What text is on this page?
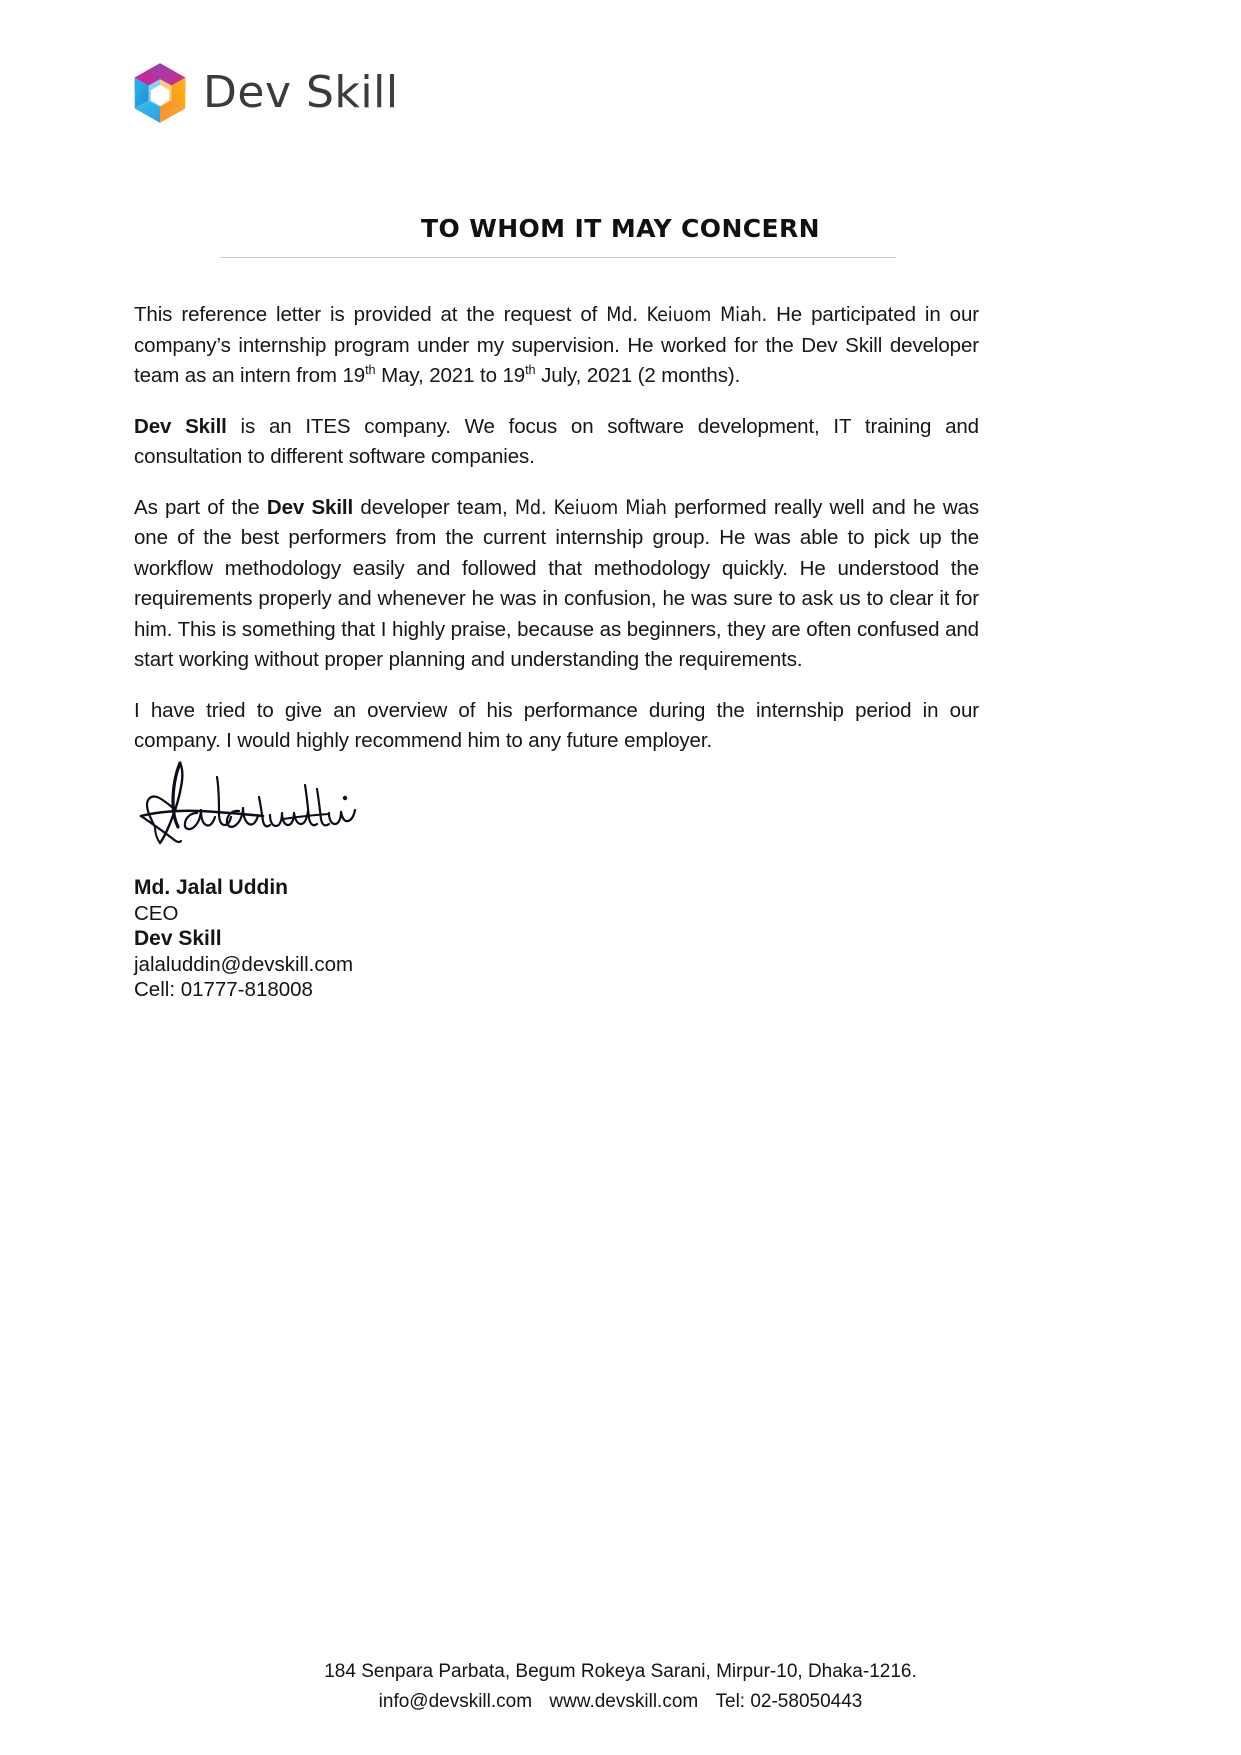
Dev Skill
TO WHOM IT MAY CONCERN

This reference letter is provided at the request of Md. Keiuom Miah. He participated in our company’s internship program under my supervision. He worked for the Dev Skill developer team as an intern from 19th May, 2021 to 19th July, 2021 (2 months).

Dev Skill is an ITES company. We focus on software development, IT training and consultation to different software companies.

As part of the Dev Skill developer team, Md. Keiuom Miah performed really well and he was one of the best performers from the current internship group. He was able to pick up the workflow methodology easily and followed that methodology quickly. He understood the requirements properly and whenever he was in confusion, he was sure to ask us to clear it for him. This is something that I highly praise, because as beginners, they are often confused and start working without proper planning and understanding the requirements.

I have tried to give an overview of his performance during the internship period in our company. I would highly recommend him to any future employer.

Md. Jalal Uddin
CEO
Dev Skill
jalaluddin@devskill.com
Cell: 01777-818008
184 Senpara Parbata, Begum Rokeya Sarani, Mirpur-10, Dhaka-1216.
info@devskill.com www.devskill.com Tel: 02-58050443
